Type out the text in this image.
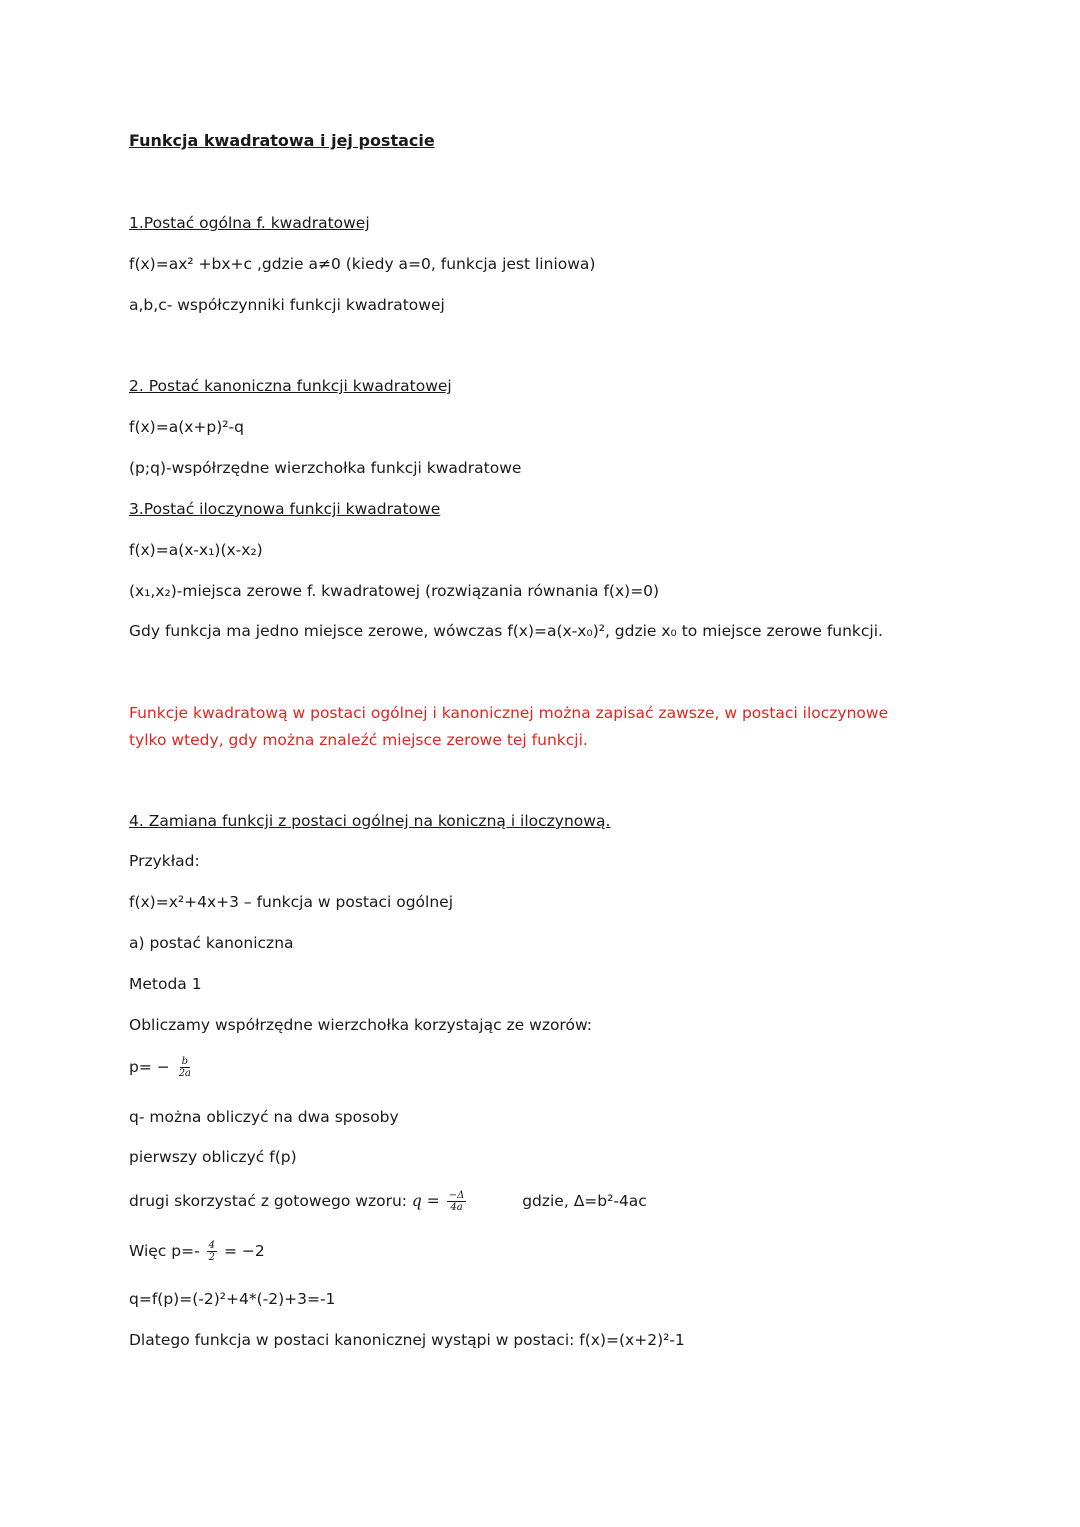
Funkcja kwadratowa i jej postacie

1.Postać ogólna f. kwadratowej

f(x)=ax² +bx+c ,gdzie a≠0 (kiedy a=0, funkcja jest liniowa)

a,b,c- współczynniki funkcji kwadratowej

2. Postać kanoniczna funkcji kwadratowej

f(x)=a(x+p)²-q

(p;q)-współrzędne wierzchołka funkcji kwadratowe

3.Postać iloczynowa funkcji kwadratowe

f(x)=a(x-x₁)(x-x₂)

(x₁,x₂)-miejsca zerowe f. kwadratowej (rozwiązania równania f(x)=0)

Gdy funkcja ma jedno miejsce zerowe, wówczas f(x)=a(x-x₀)², gdzie x₀ to miejsce zerowe funkcji.

Funkcje kwadratową w postaci ogólnej i kanonicznej można zapisać zawsze, w postaci iloczynowe

tylko wtedy, gdy można znaleźć miejsce zerowe tej funkcji.

4. Zamiana funkcji z postaci ogólnej na koniczną i iloczynową.

Przykład:

f(x)=x²+4x+3 – funkcja w postaci ogólnej

a) postać kanoniczna

Metoda 1

Obliczamy współrzędne wierzchołka korzystając ze wzorów:

$p= - \frac{b}{2a}$

q- można obliczyć na dwa sposoby

pierwszy obliczyć f(p)

drugi skorzystać z gotowego wzoru: $q = \frac{-\Delta}{4a}$	gdzie, Δ=b²-4ac

Więc $p=- \frac{4}{2} = -2$

q=f(p)=(-2)²+4*(-2)+3=-1

Dlatego funkcja w postaci kanonicznej wystąpi w postaci: f(x)=(x+2)²-1
